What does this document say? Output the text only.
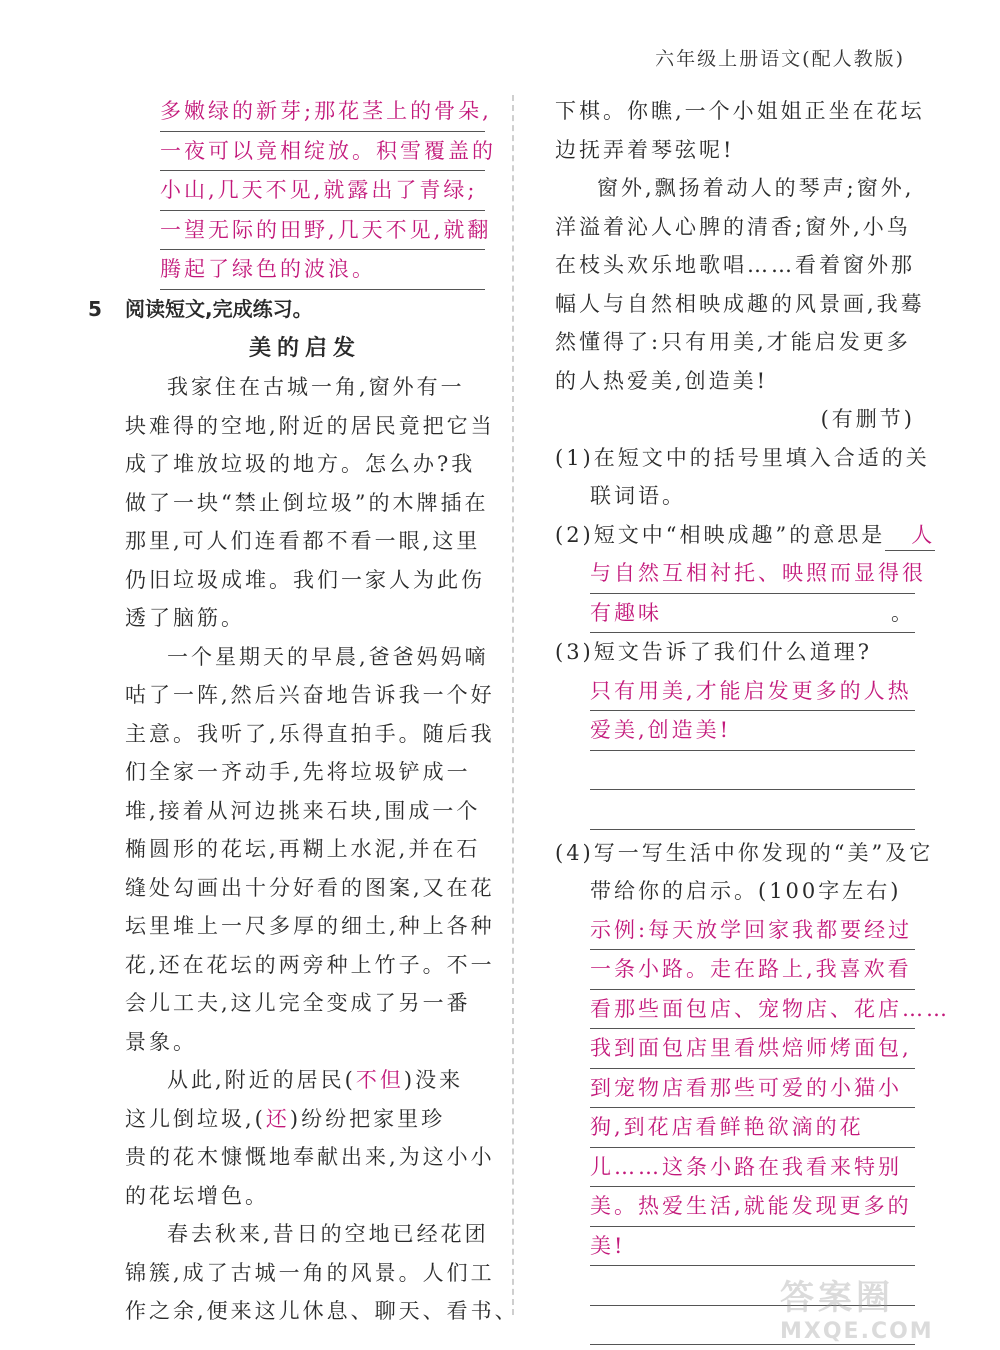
六年级上册语文(配人教版)
多嫩绿的新芽;那花茎上的骨朵,
一夜可以竟相绽放。积雪覆盖的
小山,几天不见,就露出了青绿;
一望无际的田野,几天不见,就翻
腾起了绿色的波浪。
5 阅读短文,完成练习。
美的启发
我家住在古城一角,窗外有一
块难得的空地,附近的居民竟把它当
成了堆放垃圾的地方。怎么办?我
做了一块“禁止倒垃圾”的木牌插在
那里,可人们连看都不看一眼,这里
仍旧垃圾成堆。我们一家人为此伤
透了脑筋。
一个星期天的早晨,爸爸妈妈嘀
咕了一阵,然后兴奋地告诉我一个好
主意。我听了,乐得直拍手。随后我
们全家一齐动手,先将垃圾铲成一
堆,接着从河边挑来石块,围成一个
椭圆形的花坛,再糊上水泥,并在石
缝处勾画出十分好看的图案,又在花
坛里堆上一尺多厚的细土,种上各种
花,还在花坛的两旁种上竹子。不一
会儿工夫,这儿完全变成了另一番
景象。
从此,附近的居民(不但)没来
这儿倒垃圾,(还)纷纷把家里珍
贵的花木慷慨地奉献出来,为这小小
的花坛增色。
春去秋来,昔日的空地已经花团
锦簇,成了古城一角的风景。人们工
作之余,便来这儿休息、聊天、看书、
下棋。你瞧,一个小姐姐正坐在花坛
边抚弄着琴弦呢!
窗外,飘扬着动人的琴声;窗外,
洋溢着沁人心脾的清香;窗外,小鸟
在枝头欢乐地歌唱……看着窗外那
幅人与自然相映成趣的风景画,我蓦
然懂得了:只有用美,才能启发更多
的人热爱美,创造美!
(有删节)
(1)在短文中的括号里填入合适的关
联词语。
(2)短文中“相映成趣”的意思是 人
与自然互相衬托、映照而显得很
有趣味	。
(3)短文告诉了我们什么道理?
只有用美,才能启发更多的人热
爱美,创造美!
(4)写一写生活中你发现的“美”及它
带给你的启示。(100字左右)
示例:每天放学回家我都要经过
一条小路。走在路上,我喜欢看
看那些面包店、宠物店、花店……
我到面包店里看烘焙师烤面包,
到宠物店看那些可爱的小猫小
狗,到花店看鲜艳欲滴的花
儿……这条小路在我看来特别
美。热爱生活,就能发现更多的
美!
答案圈
MXQE.COM
